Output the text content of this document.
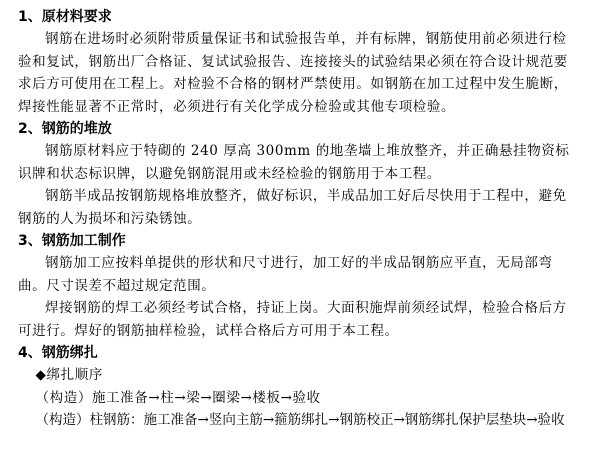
1、原材料要求

钢筋在进场时必须附带质量保证书和试验报告单，并有标牌，钢筋使用前必须进行检验和复试，钢筋出厂合格证、复试试验报告、连接接头的试验结果必须在符合设计规范要求后方可使用在工程上。对检验不合格的钢材严禁使用。如钢筋在加工过程中发生脆断，焊接性能显著不正常时，必须进行有关化学成分检验或其他专项检验。

2、钢筋的堆放

钢筋原材料应于特砌的 240 厚高 300mm 的地垄墙上堆放整齐，并正确悬挂物资标识牌和状态标识牌，以避免钢筋混用或未经检验的钢筋用于本工程。

钢筋半成品按钢筋规格堆放整齐，做好标识，半成品加工好后尽快用于工程中，避免钢筋的人为损坏和污染锈蚀。

3、钢筋加工制作

钢筋加工应按料单提供的形状和尺寸进行，加工好的半成品钢筋应平直，无局部弯曲。尺寸误差不超过规定范围。

焊接钢筋的焊工必须经考试合格，持证上岗。大面积施焊前须经试焊，检验合格后方可进行。焊好的钢筋抽样检验，试样合格后方可用于本工程。

4、钢筋绑扎

◆绑扎顺序

（构造）施工准备→柱→梁→圈梁→楼板→验收

（构造）柱钢筋：施工准备→竖向主筋→箍筋绑扎→钢筋校正→钢筋绑扎保护层垫块→验收
